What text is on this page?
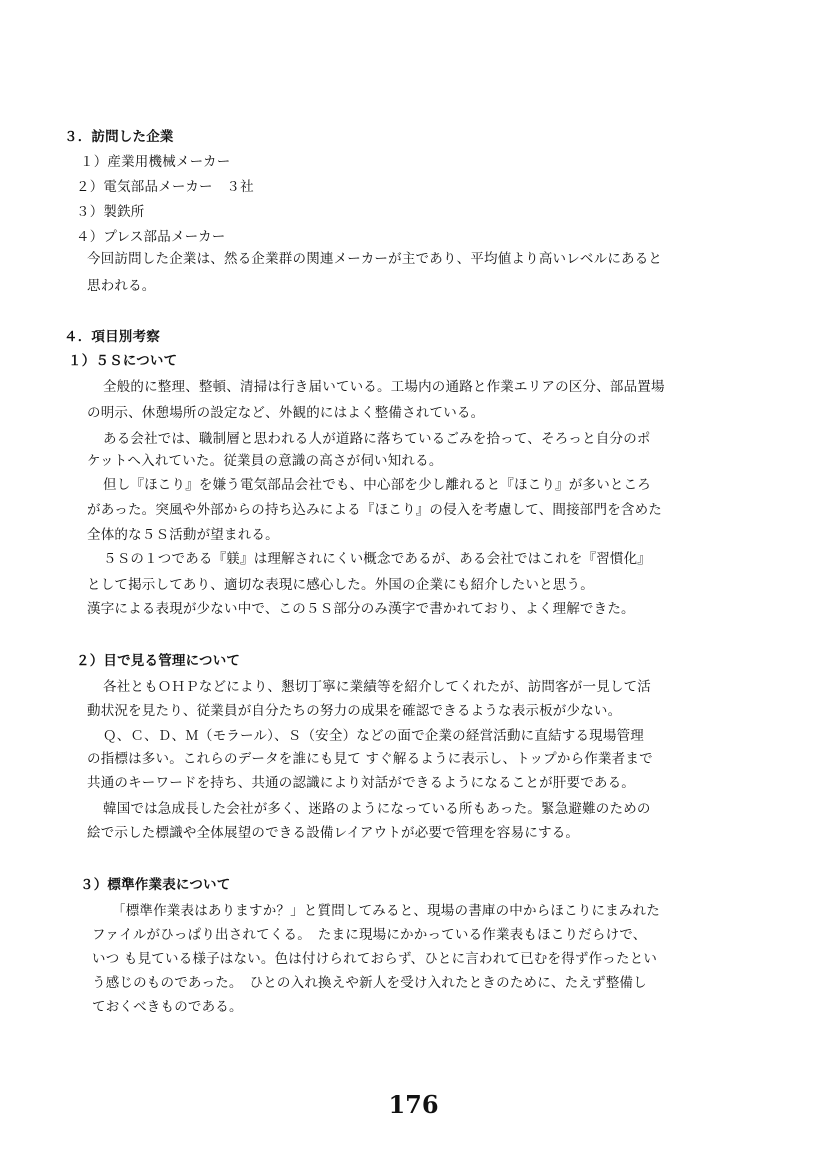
３．訪問した企業
１）産業用機械メーカー
２）電気部品メーカー　３社
３）製鉄所
４）プレス部品メーカー
今回訪問した企業は、然る企業群の関連メーカーが主であり、平均値より高いレベルにあると
思われる。
４．項目別考察
１）５Ｓについて
全般的に整理、整頓、清掃は行き届いている。工場内の通路と作業エリアの区分、部品置場
の明示、休憩場所の設定など、外観的にはよく整備されている。
ある会社では、職制層と思われる人が道路に落ちているごみを拾って、そろっと自分のポ
ケットへ入れていた。従業員の意識の高さが伺い知れる。
但し『ほこり』を嫌う電気部品会社でも、中心部を少し離れると『ほこり』が多いところ
があった。突風や外部からの持ち込みによる『ほこり』の侵入を考慮して、間接部門を含めた
全体的な５Ｓ活動が望まれる。
５Ｓの１つである『躾』は理解されにくい概念であるが、ある会社ではこれを『習慣化』
として掲示してあり、適切な表現に感心した。外国の企業にも紹介したいと思う。
漢字による表現が少ない中で、この５Ｓ部分のみ漢字で書かれており、よく理解できた。
２）目で見る管理について
各社ともＯＨＰなどにより、懇切丁寧に業績等を紹介してくれたが、訪問客が一見して活
動状況を見たり、従業員が自分たちの努力の成果を確認できるような表示板が少ない。
Ｑ、Ｃ、Ｄ、Ｍ（モラール）、Ｓ（安全）などの面で企業の経営活動に直結する現場管理
の指標は多い。これらのデータを誰にも見て すぐ解るように表示し、トップから作業者まで
共通のキーワードを持ち、共通の認識により対話ができるようになることが肝要である。
韓国では急成長した会社が多く、迷路のようになっている所もあった。緊急避難のための
絵で示した標識や全体展望のできる設備レイアウトが必要で管理を容易にする。
３）標準作業表について
「標準作業表はありますか？」と質問してみると、現場の書庫の中からほこりにまみれた
ファイルがひっぱり出されてくる。　たまに現場にかかっている作業表もほこりだらけで、
いつ も見ている様子はない。色は付けられておらず、ひとに言われて已むを得ず作ったとい
う感じのものであった。　ひとの入れ換えや新人を受け入れたときのために、たえず整備し
ておくべきものである。
176
